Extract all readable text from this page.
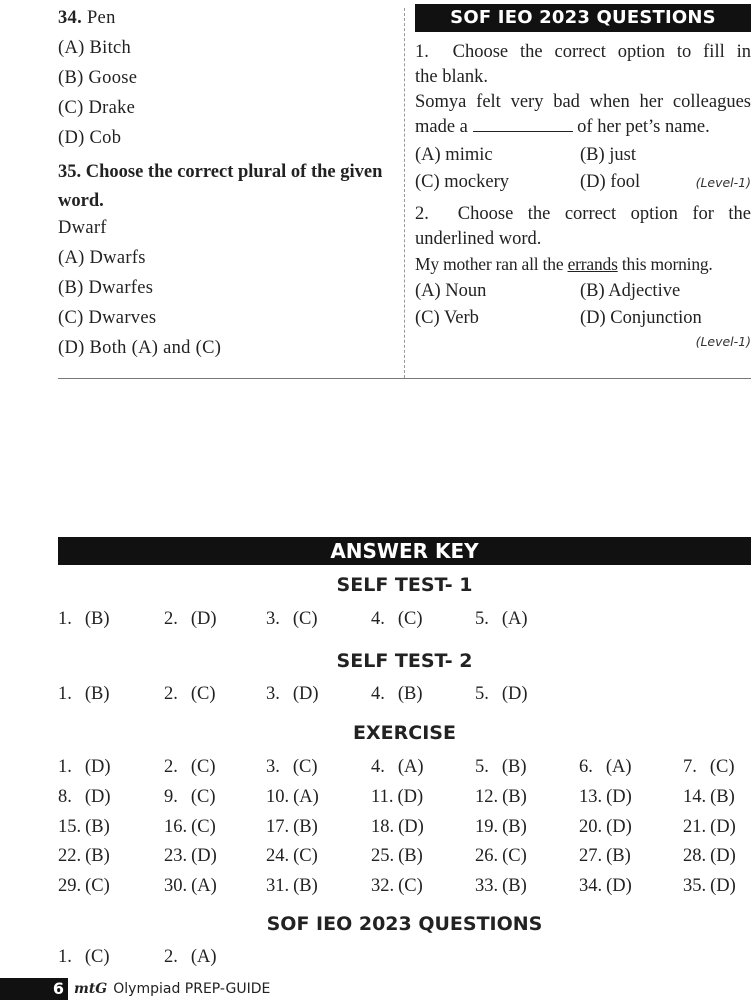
34. Pen
(A) Bitch
(B) Goose
(C) Drake
(D) Cob
35. Choose the correct plural of the given
word.
Dwarf
(A) Dwarfs
(B) Dwarfes
(C) Dwarves
(D) Both (A) and (C)
SOF IEO 2023 QUESTIONS
1. Choose the correct option to fill in
the blank.
Somya felt very bad when her colleagues
made a	of her pet’s name.
(A) mimic	(B) just
(C) mockery	(D) fool	(Level-1)
2. Choose the correct option for the
underlined word.
My mother ran all the errands this morning.
(A) Noun	(B) Adjective
(C) Verb	(D) Conjunction
(Level-1)
ANSWER KEY
SELF TEST- 1
1. (B)	2. (D)	3. (C)	4. (C)	5. (A)
SELF TEST- 2
1. (B)	2. (C)	3. (D)	4. (B)	5. (D)
EXERCISE
1. (D)	2. (C)	3. (C)	4. (A)	5. (B)	6. (A)	7. (C)
8. (D)	9. (C)	10. (A)	11. (D)	12. (B)	13. (D)	14. (B)
15. (B)	16. (C)	17. (B)	18. (D)	19. (B)	20. (D)	21. (D)
22. (B)	23. (D)	24. (C)	25. (B)	26. (C)	27. (B)	28. (D)
29. (C)	30. (A)	31. (B)	32. (C)	33. (B)	34. (D)	35. (D)
SOF IEO 2023 QUESTIONS
1. (C)	2. (A)
6 mtG Olympiad PREP-GUIDE
